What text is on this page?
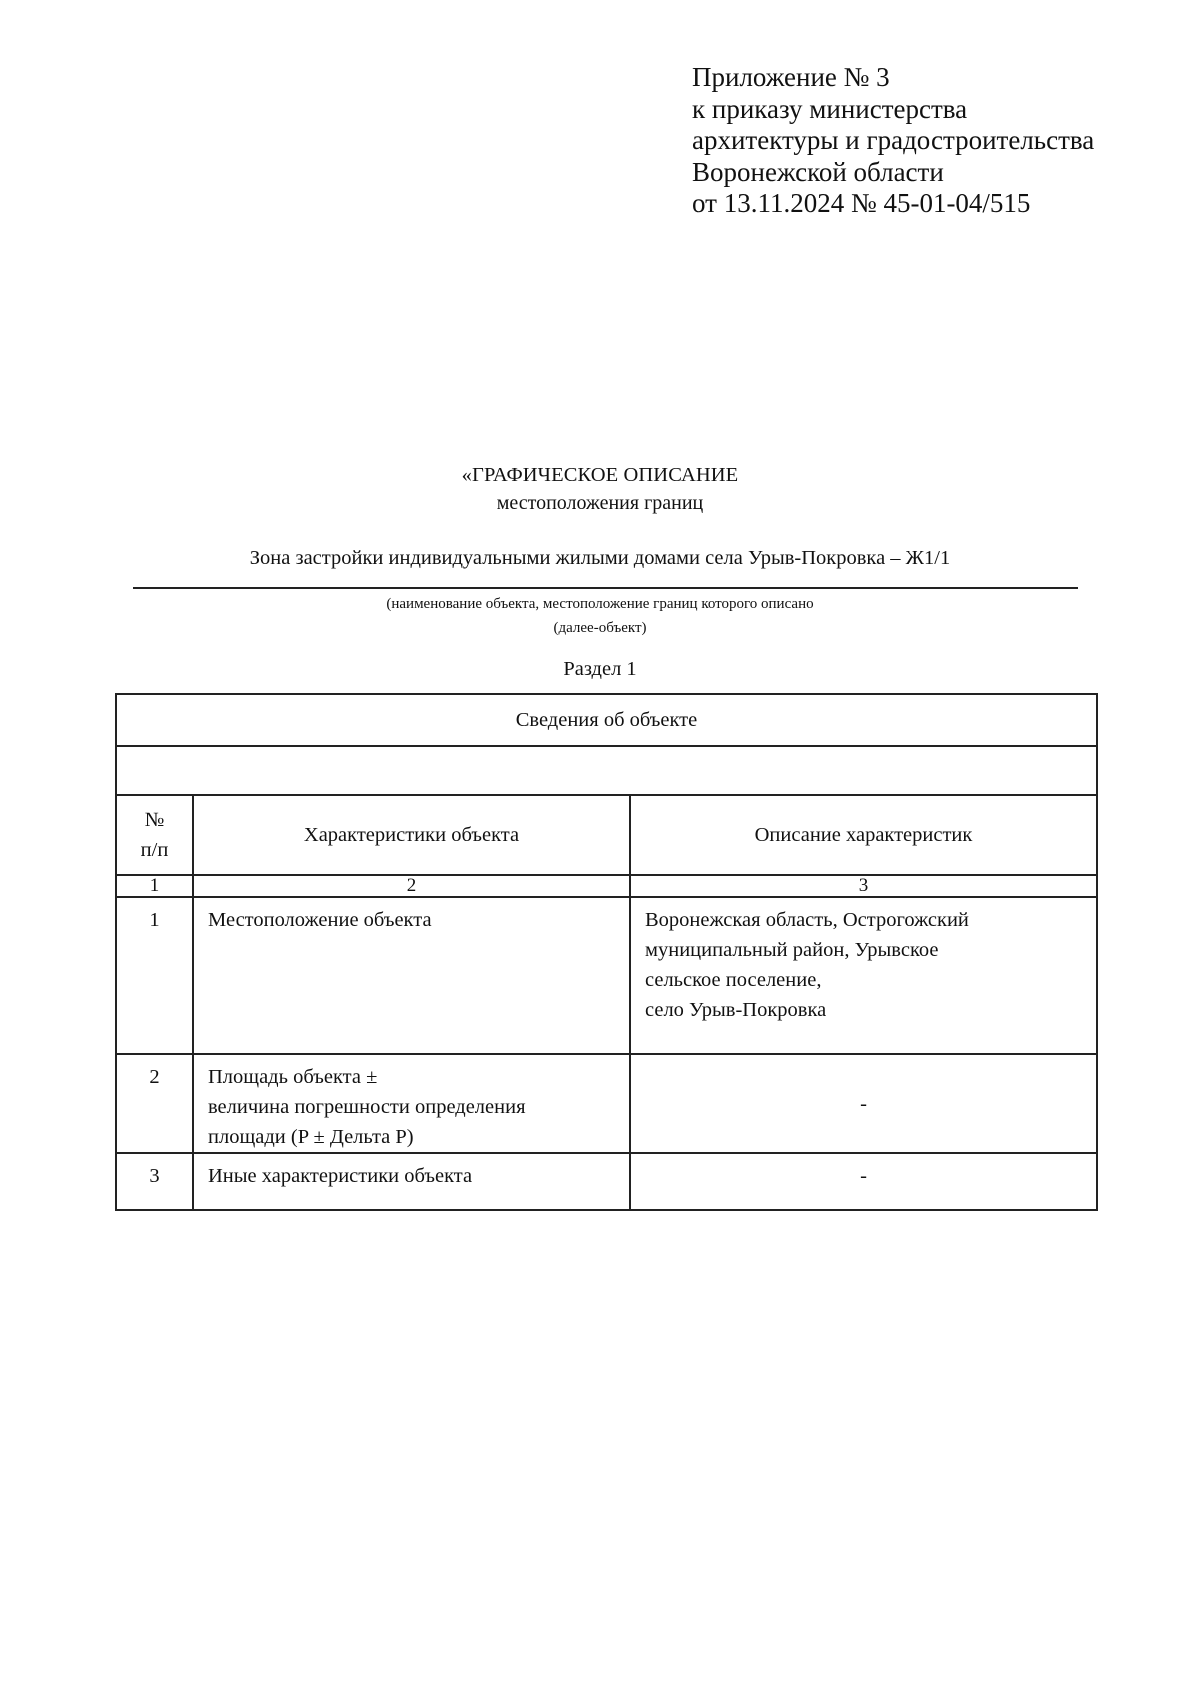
Приложение № 3
к приказу министерства
архитектуры и градостроительства
Воронежской области
от 13.11.2024 № 45-01-04/515
«ГРАФИЧЕСКОЕ ОПИСАНИЕ
местоположения границ
Зона застройки индивидуальными жилыми домами села Урыв-Покровка – Ж1/1
(наименование объекта, местоположение границ которого описано
(далее-объект)
Раздел 1
Сведения об объекте		

№
п/п	Характеристики объекта	Описание характеристик
1	2	3
1	Местоположение объекта	Воронежская область, Острогожский
муниципальный район, Урывское
сельское поселение,
село Урыв-Покровка

2	Площадь объекта ±
величина погрешности определения
площади (P ± Дельта P)	-

3	Иные характеристики объекта	-
